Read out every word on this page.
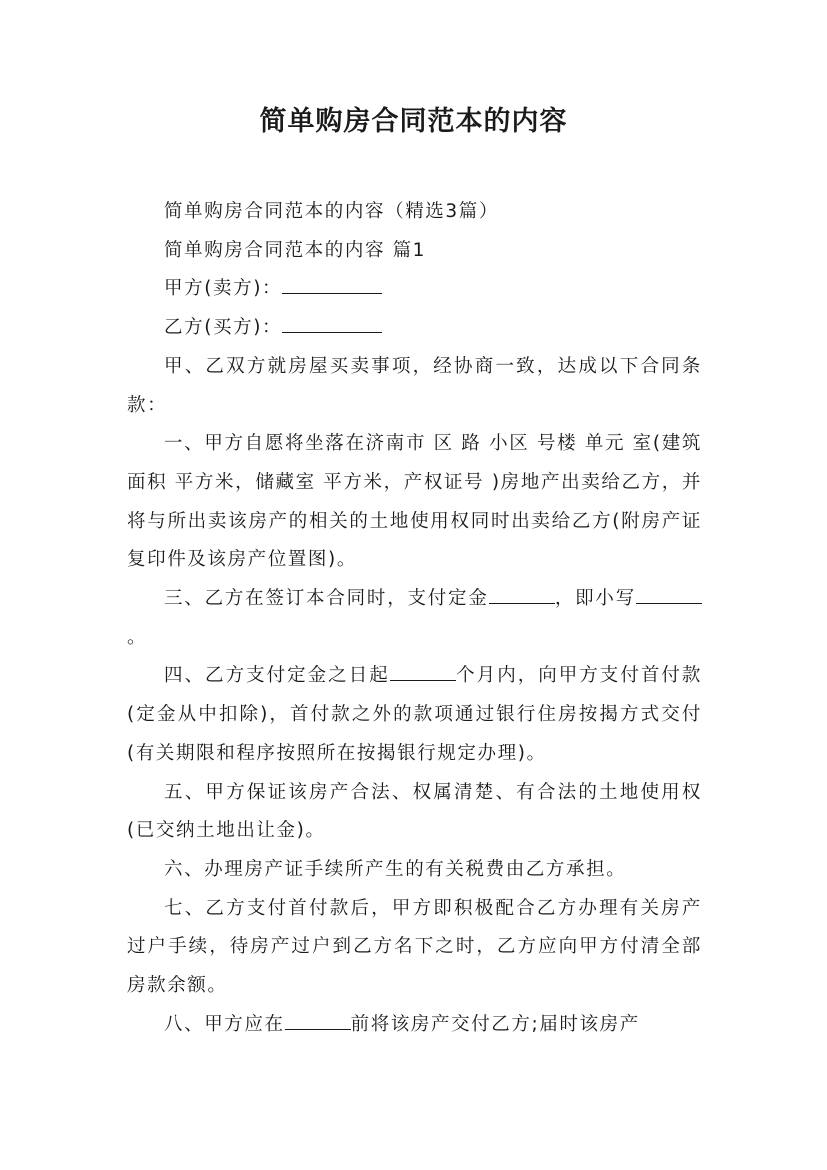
简单购房合同范本的内容

简单购房合同范本的内容（精选3篇）

简单购房合同范本的内容 篇1

甲方(卖方)：

乙方(买方)：

甲、乙双方就房屋买卖事项，经协商一致，达成以下合同条款：

一、甲方自愿将坐落在济南市 区 路 小区 号楼 单元 室(建筑面积 平方米，储藏室 平方米，产权证号 )房地产出卖给乙方，并将与所出卖该房产的相关的土地使用权同时出卖给乙方(附房产证复印件及该房产位置图)。

三、乙方在签订本合同时，支付定金	，即小写 。

四、乙方支付定金之日起	个月内，向甲方支付首付款(定金从中扣除)，首付款之外的款项通过银行住房按揭方式交付(有关期限和程序按照所在按揭银行规定办理)。

五、甲方保证该房产合法、权属清楚、有合法的土地使用权(已交纳土地出让金)。

六、办理房产证手续所产生的有关税费由乙方承担。

七、乙方支付首付款后，甲方即积极配合乙方办理有关房产过户手续，待房产过户到乙方名下之时，乙方应向甲方付清全部房款余额。

八、甲方应在	前将该房产交付乙方;届时该房产
